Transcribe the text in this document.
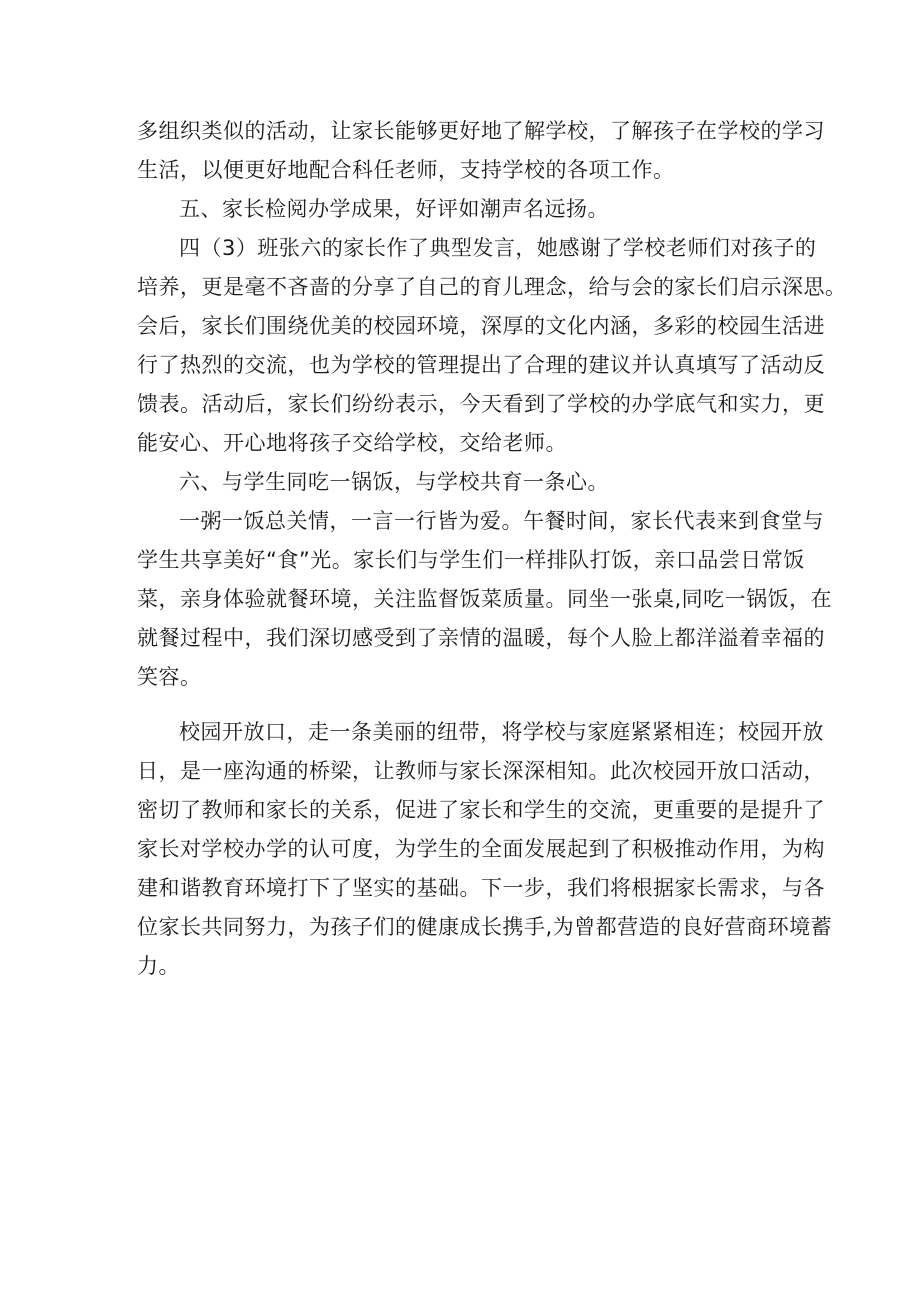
多组织类似的活动，让家长能够更好地了解学校，了解孩子在学校的学习
生活，以便更好地配合科任老师，支持学校的各项工作。
五、家长检阅办学成果，好评如潮声名远扬。
四（3）班张六的家长作了典型发言，她感谢了学校老师们对孩子的
培养，更是毫不吝啬的分享了自己的育儿理念，给与会的家长们启示深思。
会后，家长们围绕优美的校园环境，深厚的文化内涵，多彩的校园生活进
行了热烈的交流，也为学校的管理提出了合理的建议并认真填写了活动反
馈表。活动后，家长们纷纷表示，今天看到了学校的办学底气和实力，更
能安心、开心地将孩子交给学校，交给老师。
六、与学生同吃一锅饭，与学校共育一条心。
一粥一饭总关情，一言一行皆为爱。午餐时间，家长代表来到食堂与
学生共享美好“食”光。家长们与学生们一样排队打饭，亲口品尝日常饭
菜，亲身体验就餐环境，关注监督饭菜质量。同坐一张桌,同吃一锅饭，在
就餐过程中，我们深切感受到了亲情的温暖，每个人脸上都洋溢着幸福的
笑容。
校园开放口，走一条美丽的纽带，将学校与家庭紧紧相连；校园开放
日，是一座沟通的桥梁，让教师与家长深深相知。此次校园开放口活动，
密切了教师和家长的关系，促进了家长和学生的交流，更重要的是提升了
家长对学校办学的认可度，为学生的全面发展起到了积极推动作用，为构
建和谐教育环境打下了坚实的基础。下一步，我们将根据家长需求，与各
位家长共同努力，为孩子们的健康成长携手,为曾都营造的良好营商环境蓄
力。
